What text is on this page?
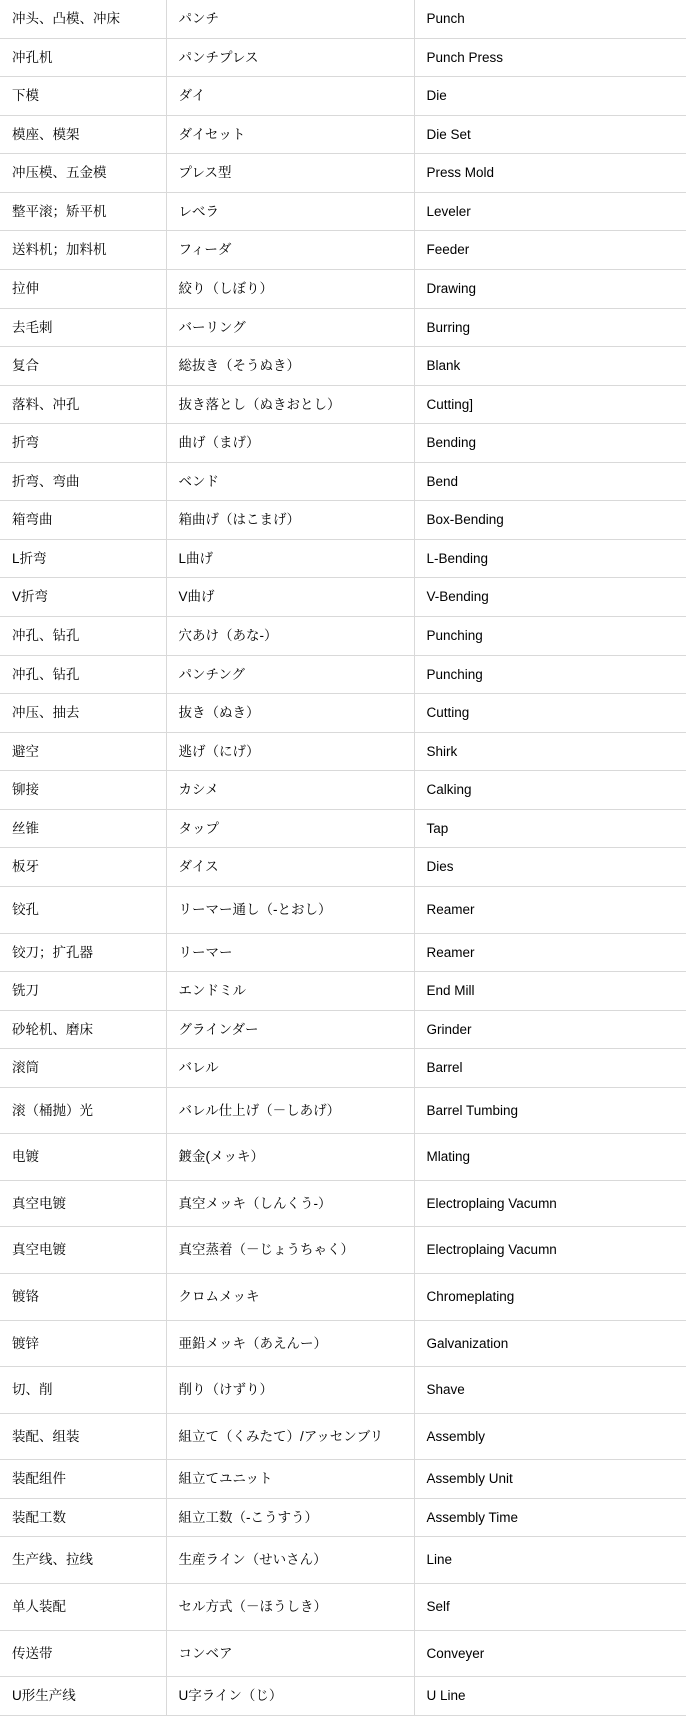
冲头、凸模、冲床	パンチ	Punch
冲孔机	パンチプレス	Punch Press
下模	ダイ	Die
模座、模架	ダイセット	Die Set
冲压模、五金模	プレス型	Press Mold
整平滚；矫平机	レべラ	Leveler
送料机；加料机	フィーダ	Feeder
拉伸	絞り（しぼり）	Drawing
去毛刺	バーリング	Burring
复合	総抜き（そうぬき）	Blank
落料、冲孔	抜き落とし（ぬきおとし）	Cutting]
折弯	曲げ（まげ）	Bending
折弯、弯曲	ベンド	Bend
箱弯曲	箱曲げ（はこまげ）	Box-Bending
L折弯	L曲げ	L-Bending
V折弯	V曲げ	V-Bending
冲孔、钻孔	穴あけ（あな-）	Punching
冲孔、钻孔	パンチング	Punching
冲压、抽去	抜き（ぬき）	Cutting
避空	逃げ（にげ）	Shirk
铆接	カシメ	Calking
丝锥	タップ	Tap
板牙	ダイス	Dies
铰孔	リーマー通し（-とおし）	Reamer
铰刀；扩孔器	リーマー	Reamer
铣刀	エンドミル	End Mill
砂轮机、磨床	グラインダー	Grinder
滚筒	バレル	Barrel
滚（桶抛）光	バレル仕上げ（－しあげ）	Barrel Tumbing
电镀	鍍金(メッキ）	Mlating
真空电镀	真空メッキ（しんくう-）	Electroplaing Vacumn
真空电镀	真空蒸着（－じょうちゃく）	Electroplaing Vacumn
镀铬	クロムメッキ	Chromeplating
镀锌	亜鉛メッキ（あえんー）	Galvanization
切、削	削り（けずり）	Shave
装配、组装	組立て（くみたて）/アッセンブリ	Assembly
装配组件	組立てユニット	Assembly Unit
装配工数	組立工数（-こうすう）	Assembly Time
生产线、拉线	生産ライン（せいさん）	Line
单人装配	セル方式（－ほうしき）	Self
传送带	コンベア	Conveyer
U形生产线	U字ライン（じ）	U Line
